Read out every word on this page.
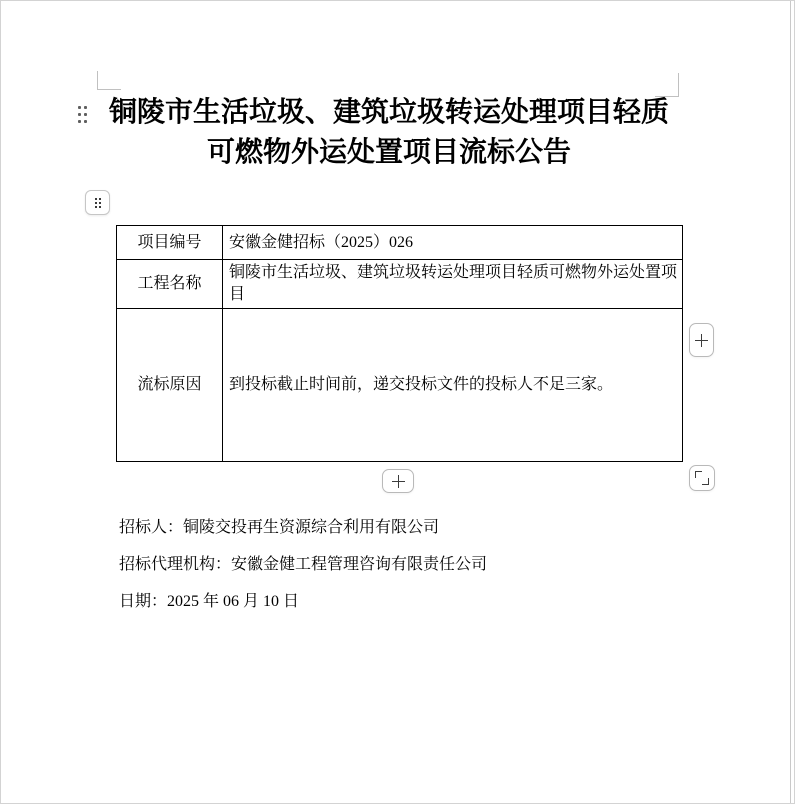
铜陵市生活垃圾、建筑垃圾转运处理项目轻质可燃物外运处置项目流标公告
项目编号	安徽金健招标（2025）026
工程名称	铜陵市生活垃圾、建筑垃圾转运处理项目轻质可燃物外运处置项目
流标原因	到投标截止时间前，递交投标文件的投标人不足三家。

招标人：铜陵交投再生资源综合利用有限公司

招标代理机构：安徽金健工程管理咨询有限责任公司

日期：2025 年 06 月 10 日
